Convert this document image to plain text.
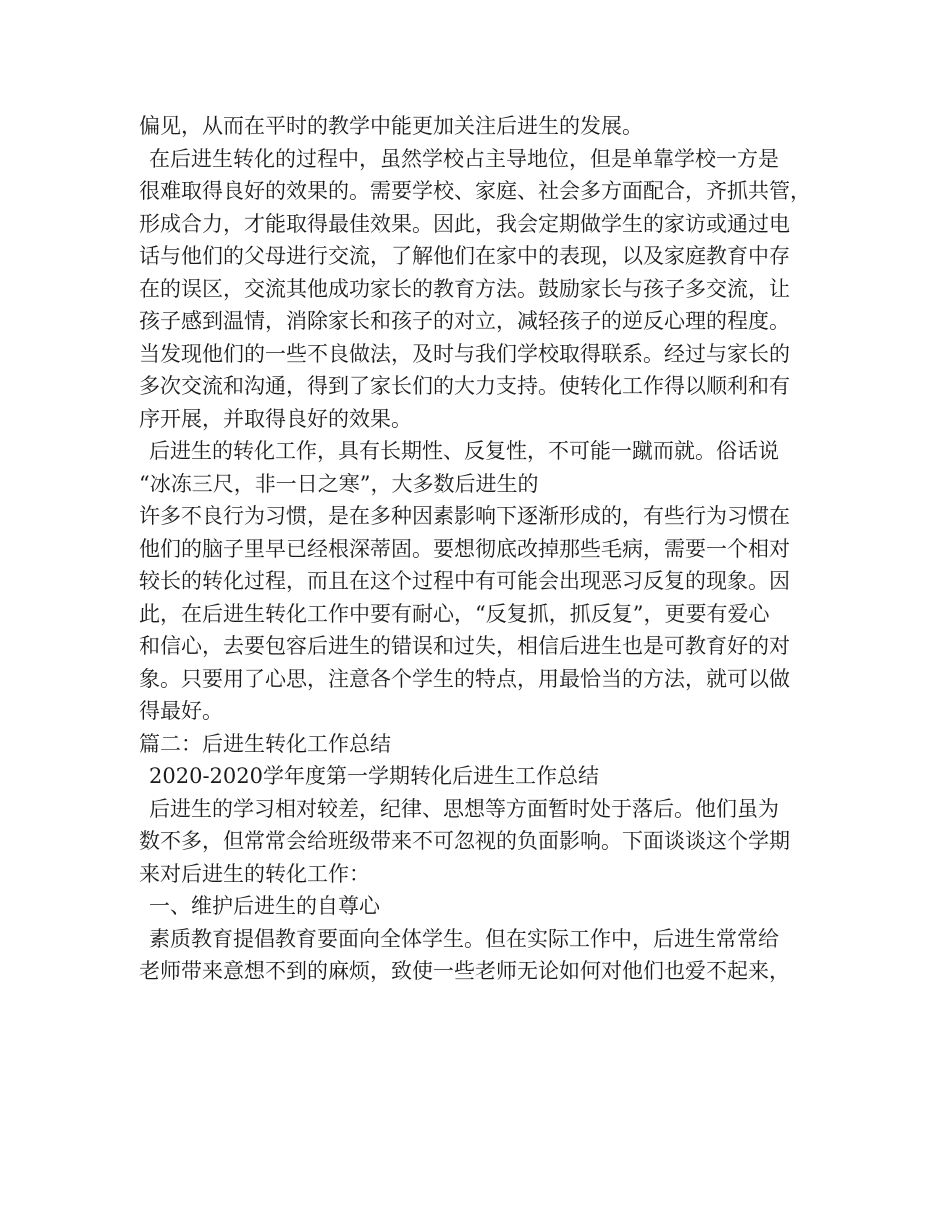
偏见，从而在平时的教学中能更加关注后进生的发展。
在后进生转化的过程中，虽然学校占主导地位，但是单靠学校一方是
很难取得良好的效果的。需要学校、家庭、社会多方面配合，齐抓共管，
形成合力，才能取得最佳效果。因此，我会定期做学生的家访或通过电
话与他们的父母进行交流，了解他们在家中的表现，以及家庭教育中存
在的误区，交流其他成功家长的教育方法。鼓励家长与孩子多交流，让
孩子感到温情，消除家长和孩子的对立，减轻孩子的逆反心理的程度。
当发现他们的一些不良做法，及时与我们学校取得联系。经过与家长的
多次交流和沟通，得到了家长们的大力支持。使转化工作得以顺利和有
序开展，并取得良好的效果。
后进生的转化工作，具有长期性、反复性，不可能一蹴而就。俗话说
“冰冻三尺，非一日之寒”，大多数后进生的
许多不良行为习惯，是在多种因素影响下逐渐形成的，有些行为习惯在
他们的脑子里早已经根深蒂固。要想彻底改掉那些毛病，需要一个相对
较长的转化过程，而且在这个过程中有可能会出现恶习反复的现象。因
此，在后进生转化工作中要有耐心，“反复抓，抓反复”，更要有爱心
和信心，去要包容后进生的错误和过失，相信后进生也是可教育好的对
象。只要用了心思，注意各个学生的特点，用最恰当的方法，就可以做
得最好。
篇二：后进生转化工作总结
2020-2020学年度第一学期转化后进生工作总结
后进生的学习相对较差，纪律、思想等方面暂时处于落后。他们虽为
数不多，但常常会给班级带来不可忽视的负面影响。下面谈谈这个学期
来对后进生的转化工作：
一、维护后进生的自尊心
素质教育提倡教育要面向全体学生。但在实际工作中，后进生常常给
老师带来意想不到的麻烦，致使一些老师无论如何对他们也爱不起来，
